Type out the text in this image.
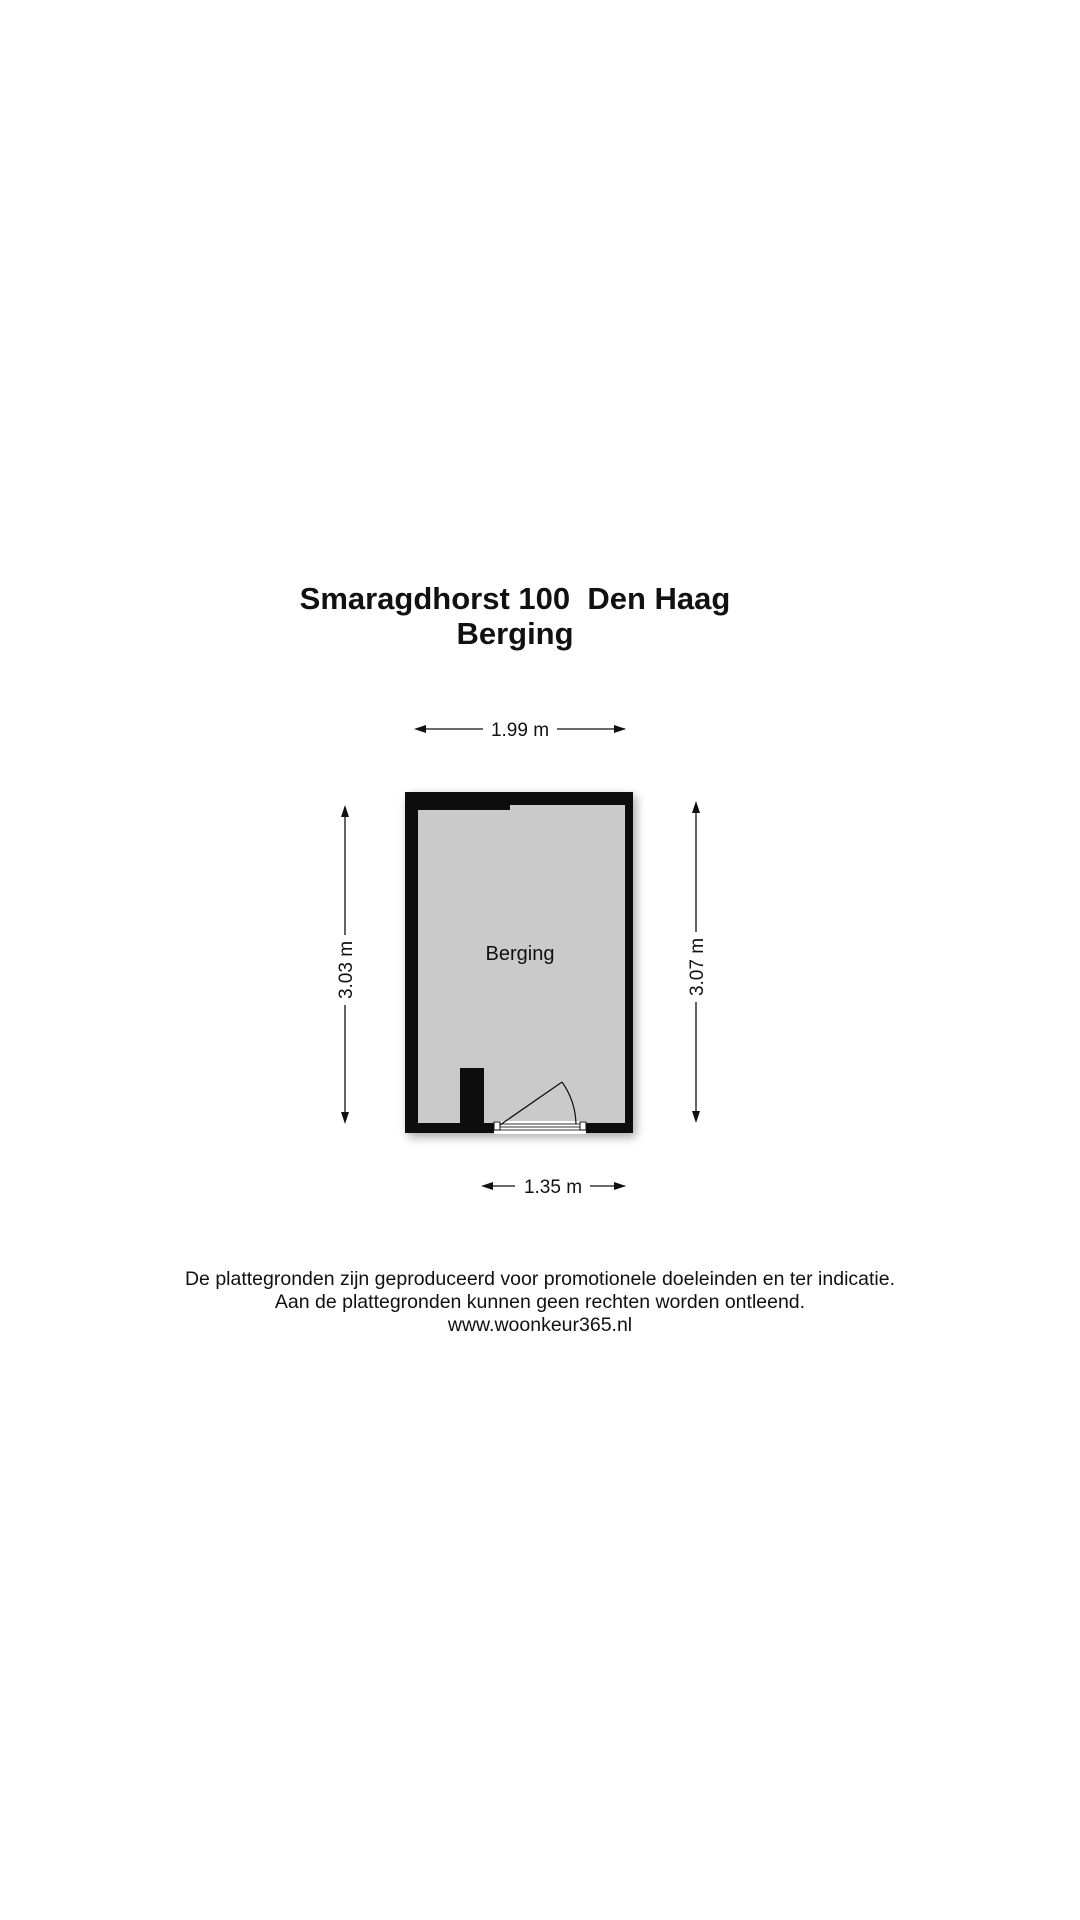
Smaragdhorst 100  Den Haag
Berging
Berging
1.99 m
3.03 m	3.07 m
1.35 m
De plattegronden zijn geproduceerd voor promotionele doeleinden en ter indicatie.
Aan de plattegronden kunnen geen rechten worden ontleend.
www.woonkeur365.nl
